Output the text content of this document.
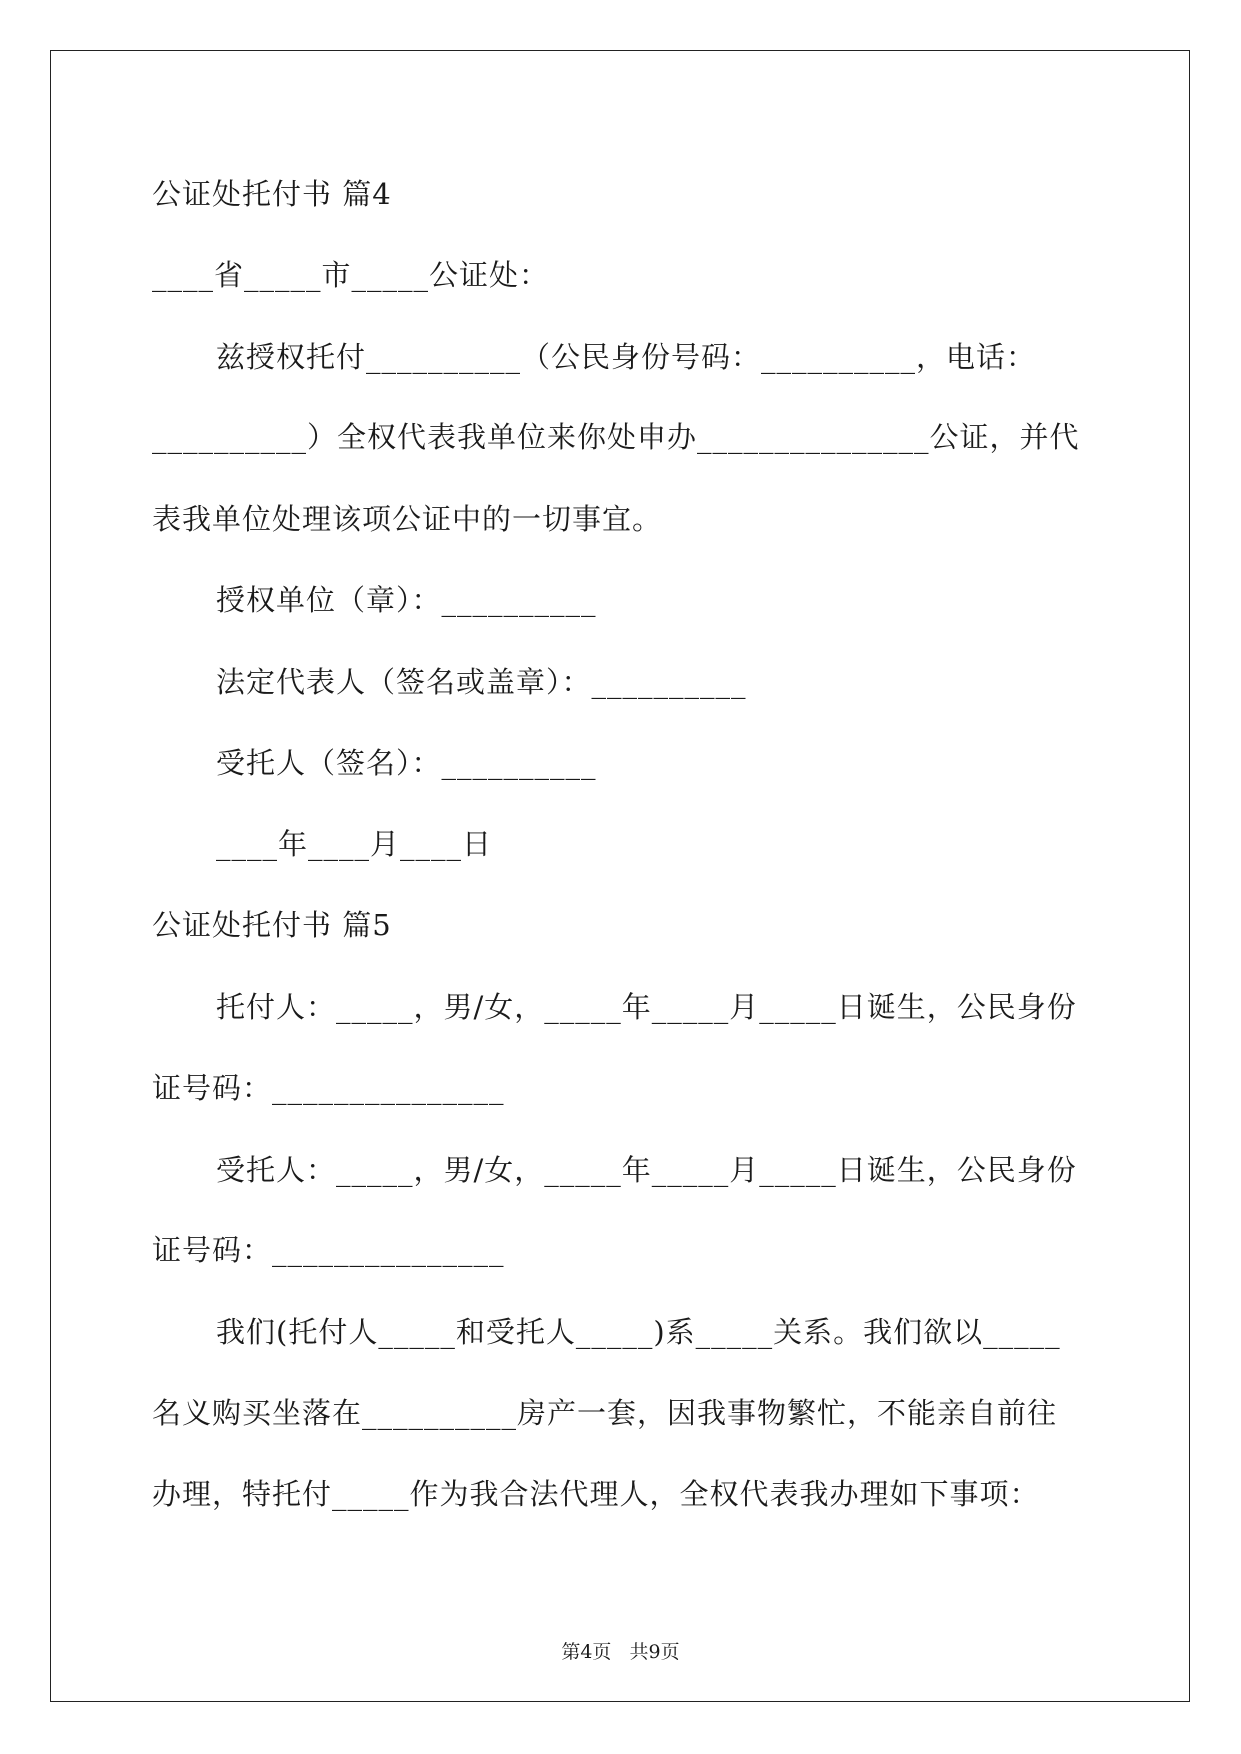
公证处托付书 篇4
____省_____市_____公证处：
兹授权托付__________（公民身份号码：__________，电话：
__________）全权代表我单位来你处申办_______________公证，并代
表我单位处理该项公证中的一切事宜。
授权单位（章）：__________
法定代表人（签名或盖章）：__________
受托人（签名）：__________
____年____月____日
公证处托付书 篇5
托付人：_____，男/女，_____年_____月_____日诞生，公民身份
证号码：_______________
受托人：_____，男/女，_____年_____月_____日诞生，公民身份
证号码：_______________
我们(托付人_____和受托人_____)系_____关系。我们欲以_____
名义购买坐落在__________房产一套，因我事物繁忙，不能亲自前往
办理，特托付_____作为我合法代理人，全权代表我办理如下事项：
第4页   共9页
